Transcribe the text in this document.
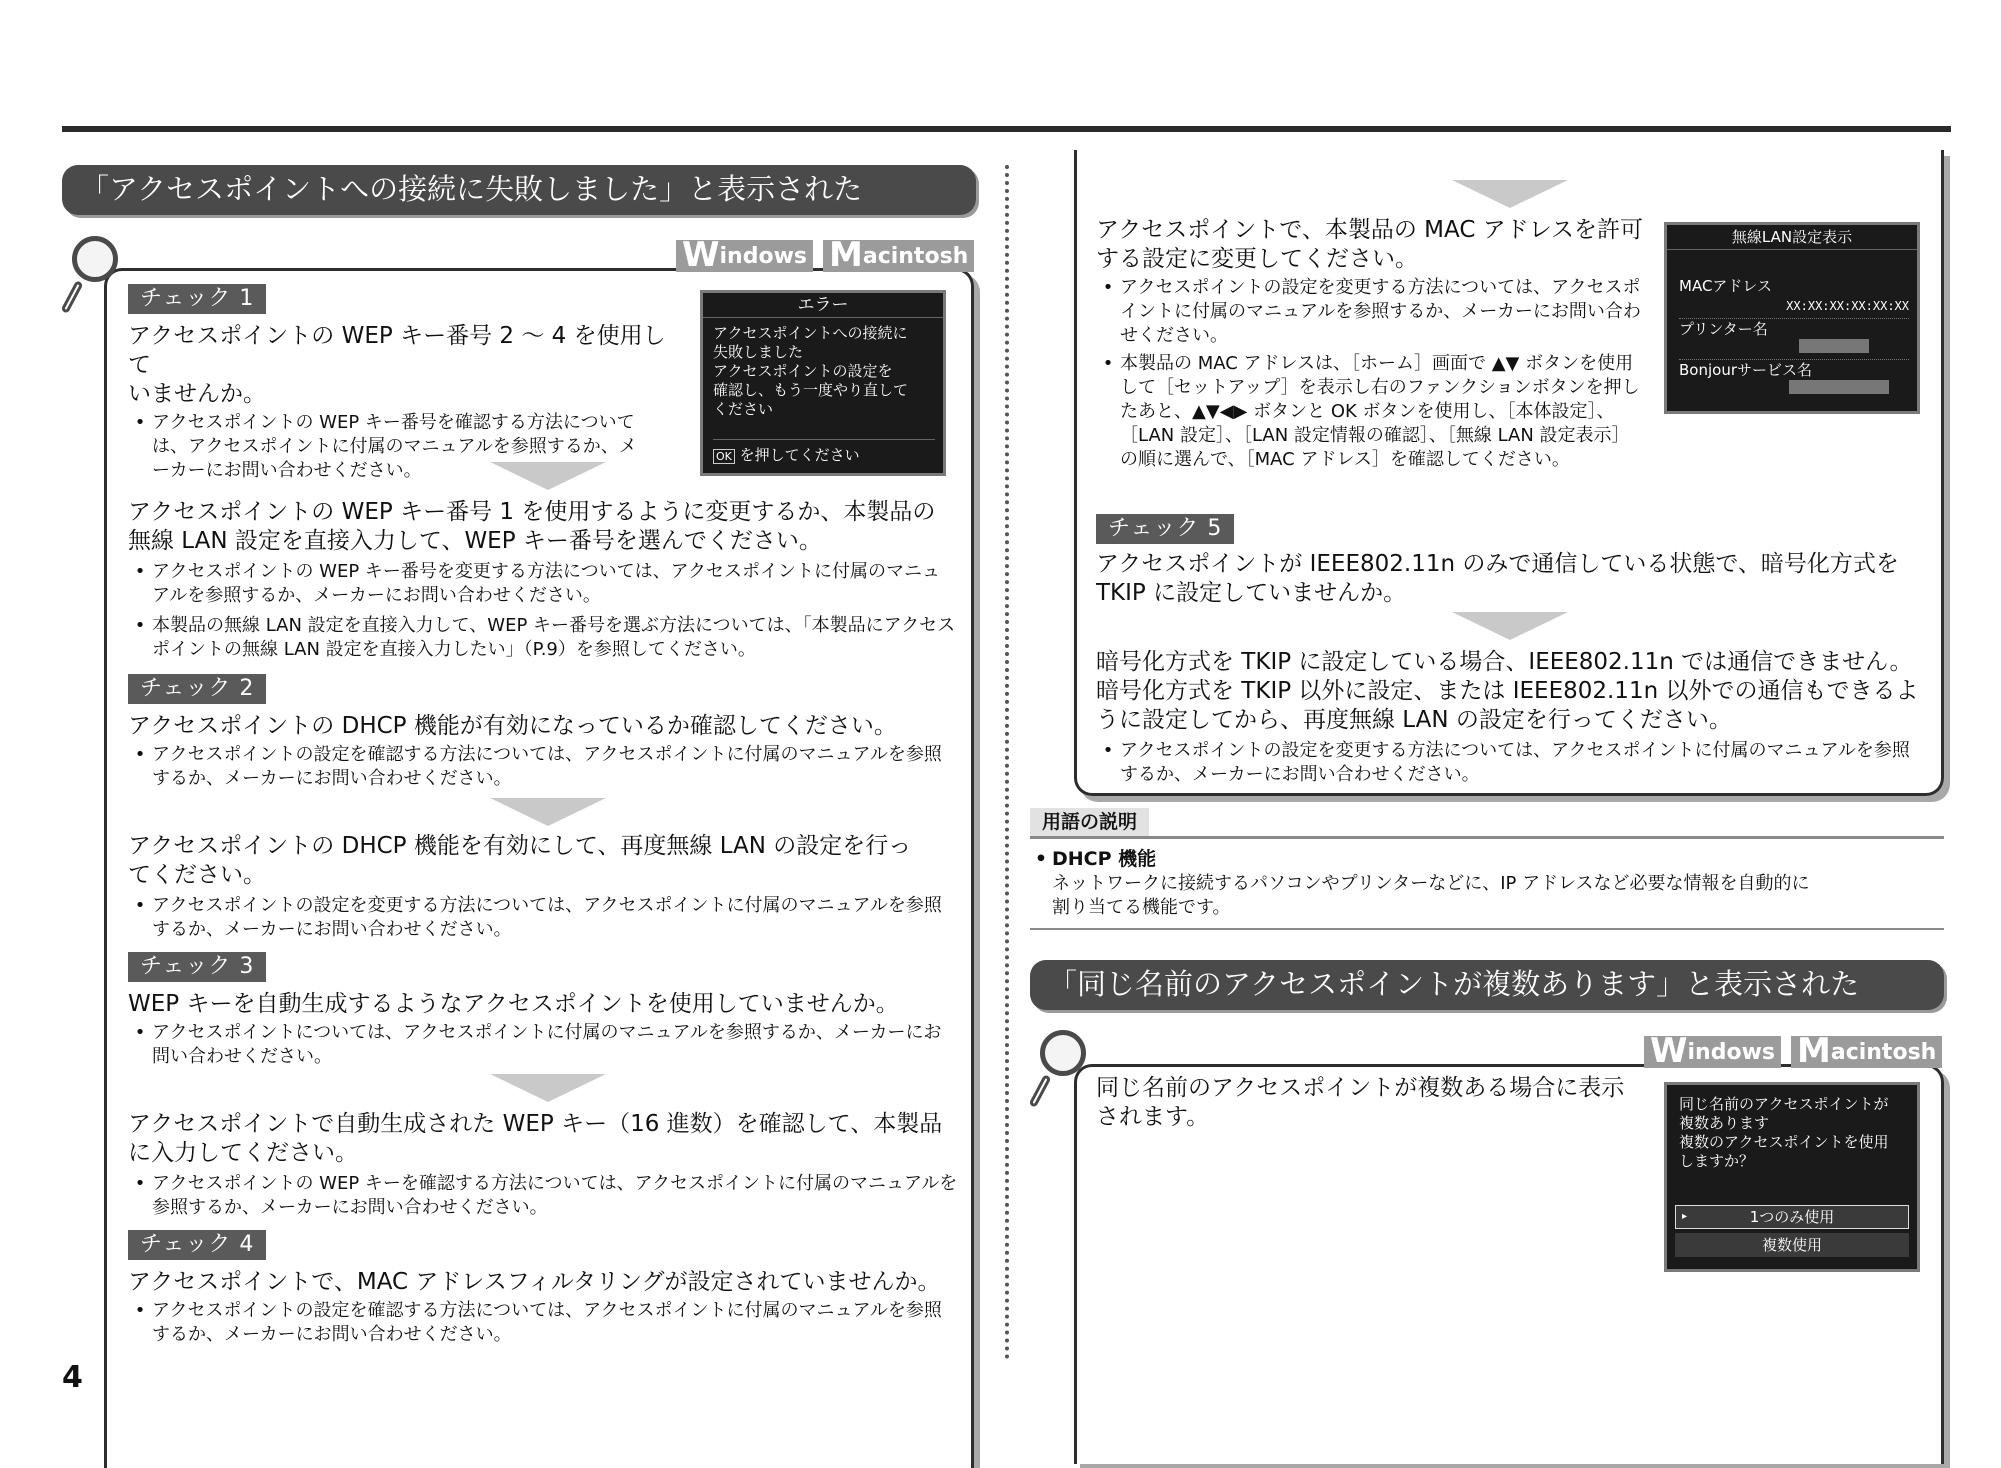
「アクセスポイントへの接続に失敗しました」と表示された
Windows Macintosh
エラー
アクセスポイントへの接続に
失敗しました
アクセスポイントの設定を
確認し、もう一度やり直して
ください
OK を押してください
チェック 1

アクセスポイントの WEP キー番号 2 ～ 4 を使用して
いませんか。

• アクセスポイントの WEP キー番号を確認する方法については、アクセスポイントに付属のマニュアルを参照するか、メーカーにお問い合わせください。

アクセスポイントの WEP キー番号 1 を使用するように変更するか、本製品の無線 LAN 設定を直接入力して、WEP キー番号を選んでください。

• アクセスポイントの WEP キー番号を変更する方法については、アクセスポイントに付属のマニュアルを参照するか、メーカーにお問い合わせください。
• 本製品の無線 LAN 設定を直接入力して、WEP キー番号を選ぶ方法については、「本製品にアクセスポイントの無線 LAN 設定を直接入力したい」（P.9）を参照してください。
チェック 2

アクセスポイントの DHCP 機能が有効になっているか確認してください。

• アクセスポイントの設定を確認する方法については、アクセスポイントに付属のマニュアルを参照するか、メーカーにお問い合わせください。

アクセスポイントの DHCP 機能を有効にして、再度無線 LAN の設定を行ってください。

• アクセスポイントの設定を変更する方法については、アクセスポイントに付属のマニュアルを参照するか、メーカーにお問い合わせください。
チェック 3

WEP キーを自動生成するようなアクセスポイントを使用していませんか。

• アクセスポイントについては、アクセスポイントに付属のマニュアルを参照するか、メーカーにお問い合わせください。

アクセスポイントで自動生成された WEP キー（16 進数）を確認して、本製品に入力してください。

• アクセスポイントの WEP キーを確認する方法については、アクセスポイントに付属のマニュアルを参照するか、メーカーにお問い合わせください。
チェック 4

アクセスポイントで、MAC アドレスフィルタリングが設定されていませんか。

• アクセスポイントの設定を確認する方法については、アクセスポイントに付属のマニュアルを参照するか、メーカーにお問い合わせください。
4

アクセスポイントで、本製品の MAC アドレスを許可
する設定に変更してください。

• アクセスポイントの設定を変更する方法については、アクセスポイントに付属のマニュアルを参照するか、メーカーにお問い合わせください。
• 本製品の MAC アドレスは、［ホーム］画面で ▲▼ ボタンを使用して［セットアップ］を表示し右のファンクションボタンを押したあと、▲▼◀▶ ボタンと OK ボタンを使用し、［本体設定］、［LAN 設定］、［LAN 設定情報の確認］、［無線 LAN 設定表示］の順に選んで、［MAC アドレス］を確認してください。
無線LAN設定表示
MACアドレス
XX:XX:XX:XX:XX:XX
プリンター名
Bonjourサービス名
チェック 5

アクセスポイントが IEEE802.11n のみで通信している状態で、暗号化方式を TKIP に設定していませんか。

暗号化方式を TKIP に設定している場合、IEEE802.11n では通信できません。暗号化方式を TKIP 以外に設定、または IEEE802.11n 以外での通信もできるように設定してから、再度無線 LAN の設定を行ってください。

• アクセスポイントの設定を変更する方法については、アクセスポイントに付属のマニュアルを参照するか、メーカーにお問い合わせください。
用語の説明
• DHCP 機能
ネットワークに接続するパソコンやプリンターなどに、IP アドレスなど必要な情報を自動的に
割り当てる機能です。
「同じ名前のアクセスポイントが複数あります」と表示された
Windows Macintosh

同じ名前のアクセスポイントが複数ある場合に表示
されます。	同じ名前のアクセスポイントが
複数あります
複数のアクセスポイントを使用
しますか？
▸	1つのみ使用
複数使用
